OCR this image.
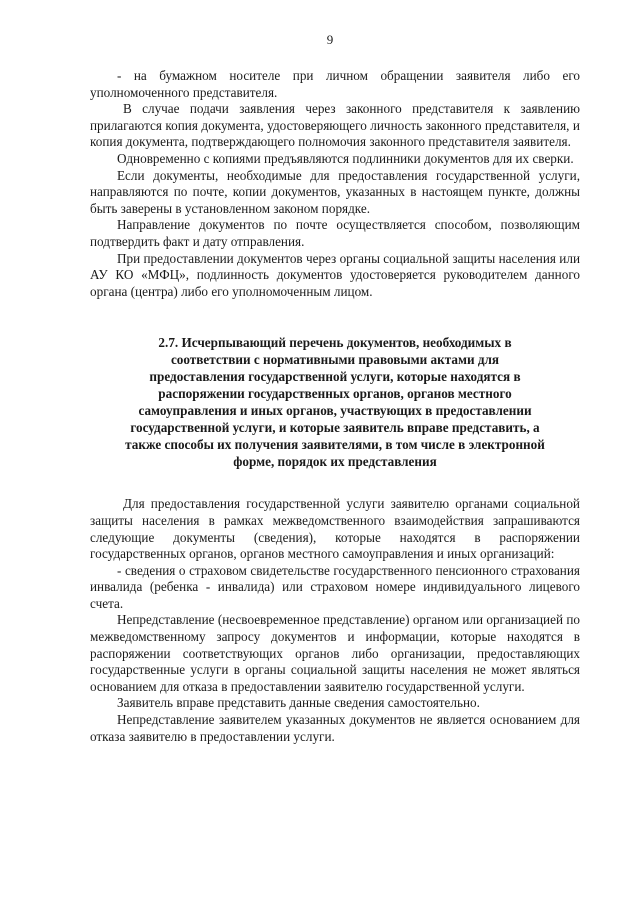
9

- на бумажном носителе при личном обращении заявителя либо его уполномоченного представителя.

В случае подачи заявления через законного представителя к заявлению прилагаются копия документа, удостоверяющего личность законного представителя, и копия документа, подтверждающего полномочия законного представителя заявителя.

Одновременно с копиями предъявляются подлинники документов для их сверки.

Если документы, необходимые для предоставления государственной услуги, направляются по почте, копии документов, указанных в настоящем пункте, должны быть заверены в установленном законом порядке.

Направление документов по почте осуществляется способом, позволяющим подтвердить факт и дату отправления.

При предоставлении документов через органы социальной защиты населения или АУ КО «МФЦ», подлинность документов удостоверяется руководителем данного органа (центра) либо его уполномоченным лицом.

2.7. Исчерпывающий перечень документов, необходимых в
соответствии с нормативными правовыми актами для
предоставления государственной услуги, которые находятся в
распоряжении государственных органов, органов местного
самоуправления и иных органов, участвующих в предоставлении
государственной услуги, и которые заявитель вправе представить, а
также способы их получения заявителями, в том числе в электронной
форме, порядок их представления

Для предоставления государственной услуги заявителю органами социальной защиты населения в рамках межведомственного взаимодействия запрашиваются следующие документы (сведения), которые находятся в распоряжении государственных органов, органов местного самоуправления и иных организаций:

- сведения о страховом свидетельстве государственного пенсионного страхования инвалида (ребенка - инвалида) или страховом номере индивидуального лицевого счета.

Непредставление (несвоевременное представление) органом или организацией по межведомственному запросу документов и информации, которые находятся в распоряжении соответствующих органов либо организации, предоставляющих государственные услуги в органы социальной защиты населения не может являться основанием для отказа в предоставлении заявителю государственной услуги.

Заявитель вправе представить данные сведения самостоятельно.

Непредставление заявителем указанных документов не является основанием для отказа заявителю в предоставлении услуги.
